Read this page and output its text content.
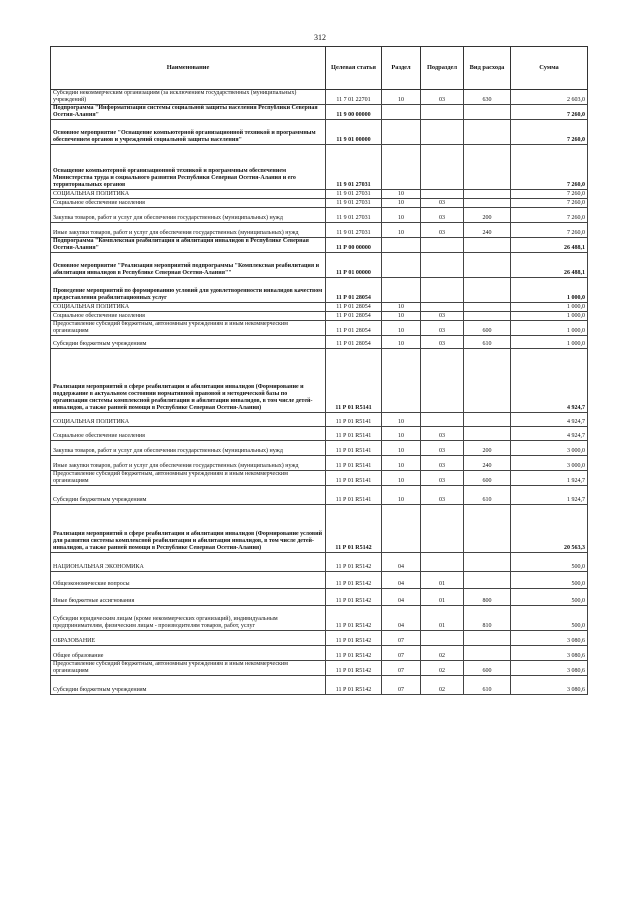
312
Наименование	Целевая статья	Раздел	Подраздел	Вид расхода	Сумма
Субсидии некоммерческим организациям (за исключением государственных (муниципальных) учреждений)	11 7 01 22701	10	03	630	2 603,0
Подпрограмма "Информатизация системы социальной защиты населения Республики Северная Осетия-Алания"	11 9 00 00000				7 260,0
Основное мероприятие "Оснащение компьютерной организационной техникой и программным обеспечением органов и учреждений социальной защиты населения"	11 9 01 00000				7 260,0
Оснащение компьютерной организационной техникой и программным обеспечением Министерства труда и социального развития Республики Северная Осетия-Алания и его территориальных органов	11 9 01 27031				7 260,0
СОЦИАЛЬНАЯ ПОЛИТИКА	11 9 01 27031	10			7 260,0
Социальное обеспечение населения	11 9 01 27031	10	03		7 260,0
Закупка товаров, работ и услуг для обеспечения государственных (муниципальных) нужд	11 9 01 27031	10	03	200	7 260,0
Иные закупки товаров, работ и услуг для обеспечения государственных (муниципальных) нужд	11 9 01 27031	10	03	240	7 260,0
Подпрограмма "Комплексная реабилитация и абилитация инвалидов в Республике Северная Осетия-Алания"	11 Р 00 00000				26 488,1
Основное мероприятие "Реализация мероприятий подпрограммы "Комплексная реабилитация и абилитация инвалидов в Республике Северная Осетия-Алания""	11 Р 01 00000				26 488,1
Проведение мероприятий по формированию условий для удовлетворенности инвалидов качеством предоставления реабилитационных услуг	11 Р 01 28054				1 000,0
СОЦИАЛЬНАЯ ПОЛИТИКА	11 Р 01 28054	10			1 000,0
Социальное обеспечение населения	11 Р 01 28054	10	03		1 000,0
Предоставление субсидий бюджетным, автономным учреждениям и иным некоммерческим организациям	11 Р 01 28054	10	03	600	1 000,0
Субсидии бюджетным учреждениям	11 Р 01 28054	10	03	610	1 000,0
Реализация мероприятий в сфере реабилитации и абилитации инвалидов (Формирование и поддержание в актуальном состоянии нормативной правовой и методической базы по организации системы комплексной реабилитации и абилитации инвалидов, в том числе детей-инвалидов, а также ранней помощи в Республике Северная Осетия-Алания)	11 Р 01 R5141				4 924,7
СОЦИАЛЬНАЯ ПОЛИТИКА	11 Р 01 R5141	10			4 924,7
Социальное обеспечение населения	11 Р 01 R5141	10	03		4 924,7
Закупка товаров, работ и услуг для обеспечения государственных (муниципальных) нужд	11 Р 01 R5141	10	03	200	3 000,0
Иные закупки товаров, работ и услуг для обеспечения государственных (муниципальных) нужд	11 Р 01 R5141	10	03	240	3 000,0
Предоставление субсидий бюджетным, автономным учреждениям и иным некоммерческим организациям	11 Р 01 R5141	10	03	600	1 924,7
Субсидии бюджетным учреждениям	11 Р 01 R5141	10	03	610	1 924,7
Реализация мероприятий в сфере реабилитации и абилитации инвалидов (Формирование условий для развития системы комплексной реабилитации и абилитации инвалидов, в том числе детей-инвалидов, а также ранней помощи в Республике Северная Осетия-Алания)	11 Р 01 R5142				20 563,3
НАЦИОНАЛЬНАЯ ЭКОНОМИКА	11 Р 01 R5142	04			500,0
Общеэкономические вопросы	11 Р 01 R5142	04	01		500,0
Иные бюджетные ассигнования	11 Р 01 R5142	04	01	800	500,0
Субсидии юридическим лицам (кроме некоммерческих организаций), индивидуальным предпринимателям, физическим лицам - производителям товаров, работ, услуг	11 Р 01 R5142	04	01	810	500,0
ОБРАЗОВАНИЕ	11 Р 01 R5142	07			3 080,6
Общее образование	11 Р 01 R5142	07	02		3 080,6
Предоставление субсидий бюджетным, автономным учреждениям и иным некоммерческим организациям	11 Р 01 R5142	07	02	600	3 080,6
Субсидии бюджетным учреждениям	11 Р 01 R5142	07	02	610	3 080,6
